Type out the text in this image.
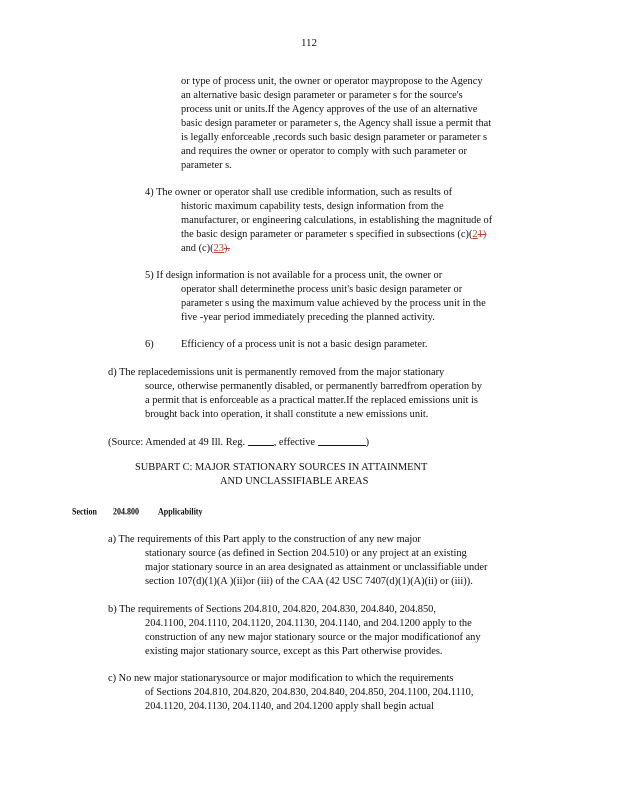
112
or type of process unit, the owner or operator maypropose to the Agency
an alternative basic design parameter or parameter s for the source's
process unit or units.If the Agency approves of the use of an alternative
basic design parameter or parameter s, the Agency shall issue a permit that
is legally enforceable ,records such basic design parameter or parameter s
and requires the owner or operator to comply with such parameter or
parameter s.
4) The owner or operator shall use credible information, such as results of
historic maximum capability tests, design information from the
manufacturer, or engineering calculations, in establishing the magnitude of
the basic design parameter or parameter s specified in subsections (c)(21)
and (c)(23).
5) If design information is not available for a process unit, the owner or
operator shall determinethe process unit's basic design parameter or
parameter s using the maximum value achieved by the process unit in the
five -year period immediately preceding the planned activity.
6)	Efficiency of a process unit is not a basic design parameter.
d) The replacedemissions unit is permanently removed from the major stationary
source, otherwise permanently disabled, or permanently barredfrom operation by
a permit that is enforceable as a practical matter.If the replaced emissions unit is
brought back into operation, it shall constitute a new emissions unit.
(Source: Amended at 49 Ill. Reg.	, effective	)
SUBPART C: MAJOR STATIONARY SOURCES IN ATTAINMENT
AND UNCLASSIFIABLE AREAS
Section 204.800 Applicability
a) The requirements of this Part apply to the construction of any new major
stationary source (as defined in Section 204.510) or any project at an existing
major stationary source in an area designated as attainment or unclassifiable under
section 107(d)(1)(A )(ii)or (iii) of the CAA (42 USC 7407(d)(1)(A)(ii) or (iii)).
b) The requirements of Sections 204.810, 204.820, 204.830, 204.840, 204.850,
204.1100, 204.1110, 204.1120, 204.1130, 204.1140, and 204.1200 apply to the
construction of any new major stationary source or the major modificationof any
existing major stationary source, except as this Part otherwise provides.
c) No new major stationarysource or major modification to which the requirements
of Sections 204.810, 204.820, 204.830, 204.840, 204.850, 204.1100, 204.1110,
204.1120, 204.1130, 204.1140, and 204.1200 apply shall begin actual
